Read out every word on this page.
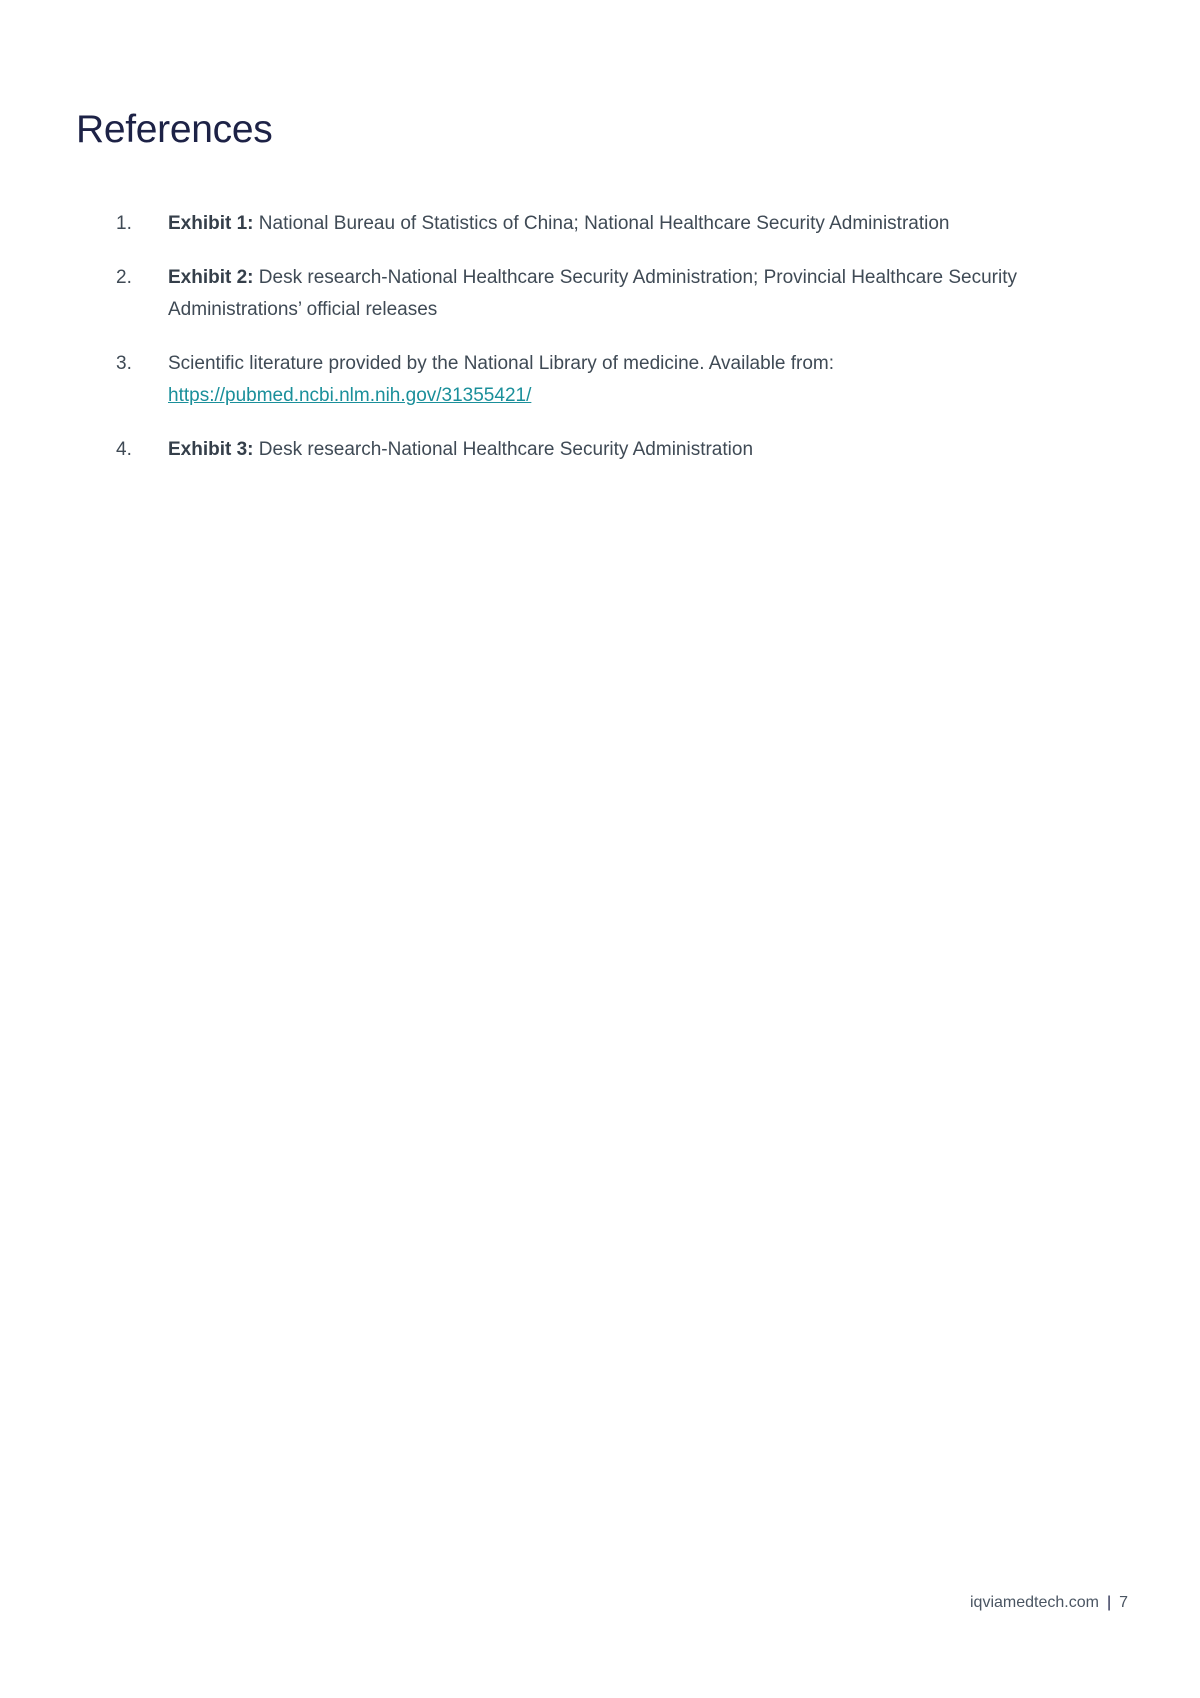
References
1. Exhibit 1: National Bureau of Statistics of China; National Healthcare Security Administration
2. Exhibit 2: Desk research-National Healthcare Security Administration; Provincial Healthcare Security Administrations’ official releases
3. Scientific literature provided by the National Library of medicine. Available from: https://pubmed.ncbi.nlm.nih.gov/31355421/
4. Exhibit 3: Desk research-National Healthcare Security Administration
iqviamedtech.com | 7
